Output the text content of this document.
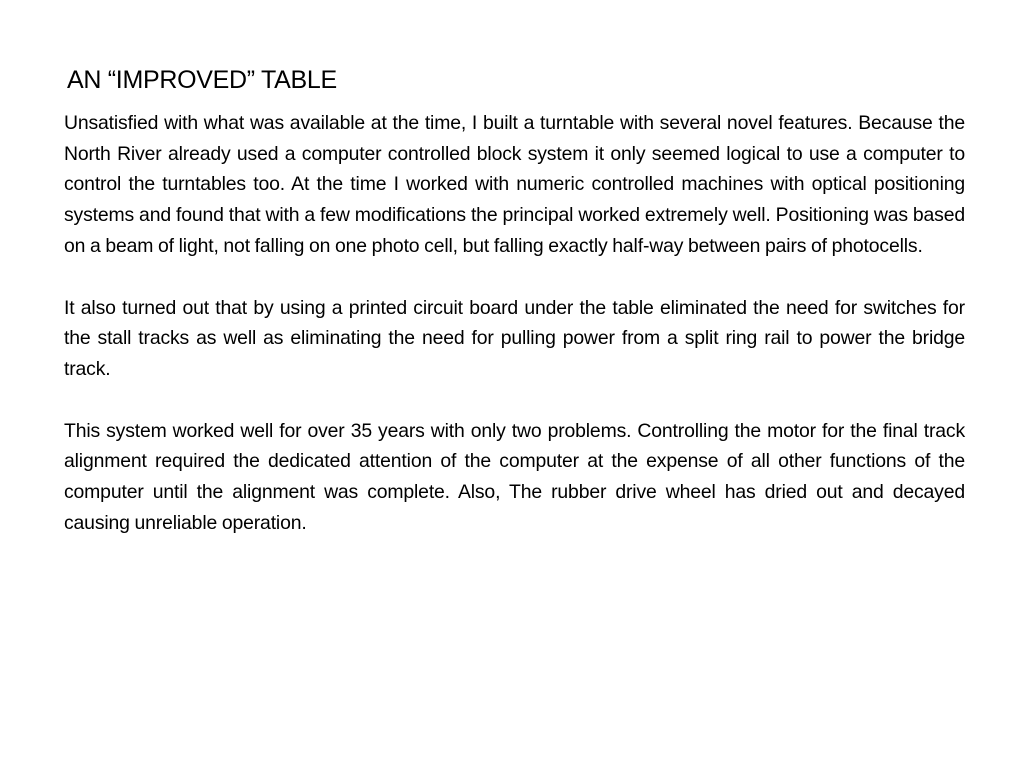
AN “IMPROVED” TABLE

Unsatisfied with what was available at the time, I built a turntable with several novel features. Because the North River already used a computer controlled block system it only seemed logical to use a computer to control the turntables too. At the time I worked with numeric controlled machines with optical positioning systems and found that with a few modifications the principal worked extremely well. Positioning was based on a beam of light, not falling on one photo cell, but falling exactly half-way between pairs of photocells.

It also turned out that by using a printed circuit board under the table eliminated the need for switches for the stall tracks as well as eliminating the need for pulling power from a split ring rail to power the bridge track.

This system worked well for over 35 years with only two problems. Controlling the motor for the final track alignment required the dedicated attention of the computer at the expense of all other functions of the computer until the alignment was complete. Also, The rubber drive wheel has dried out and decayed causing unreliable operation.
